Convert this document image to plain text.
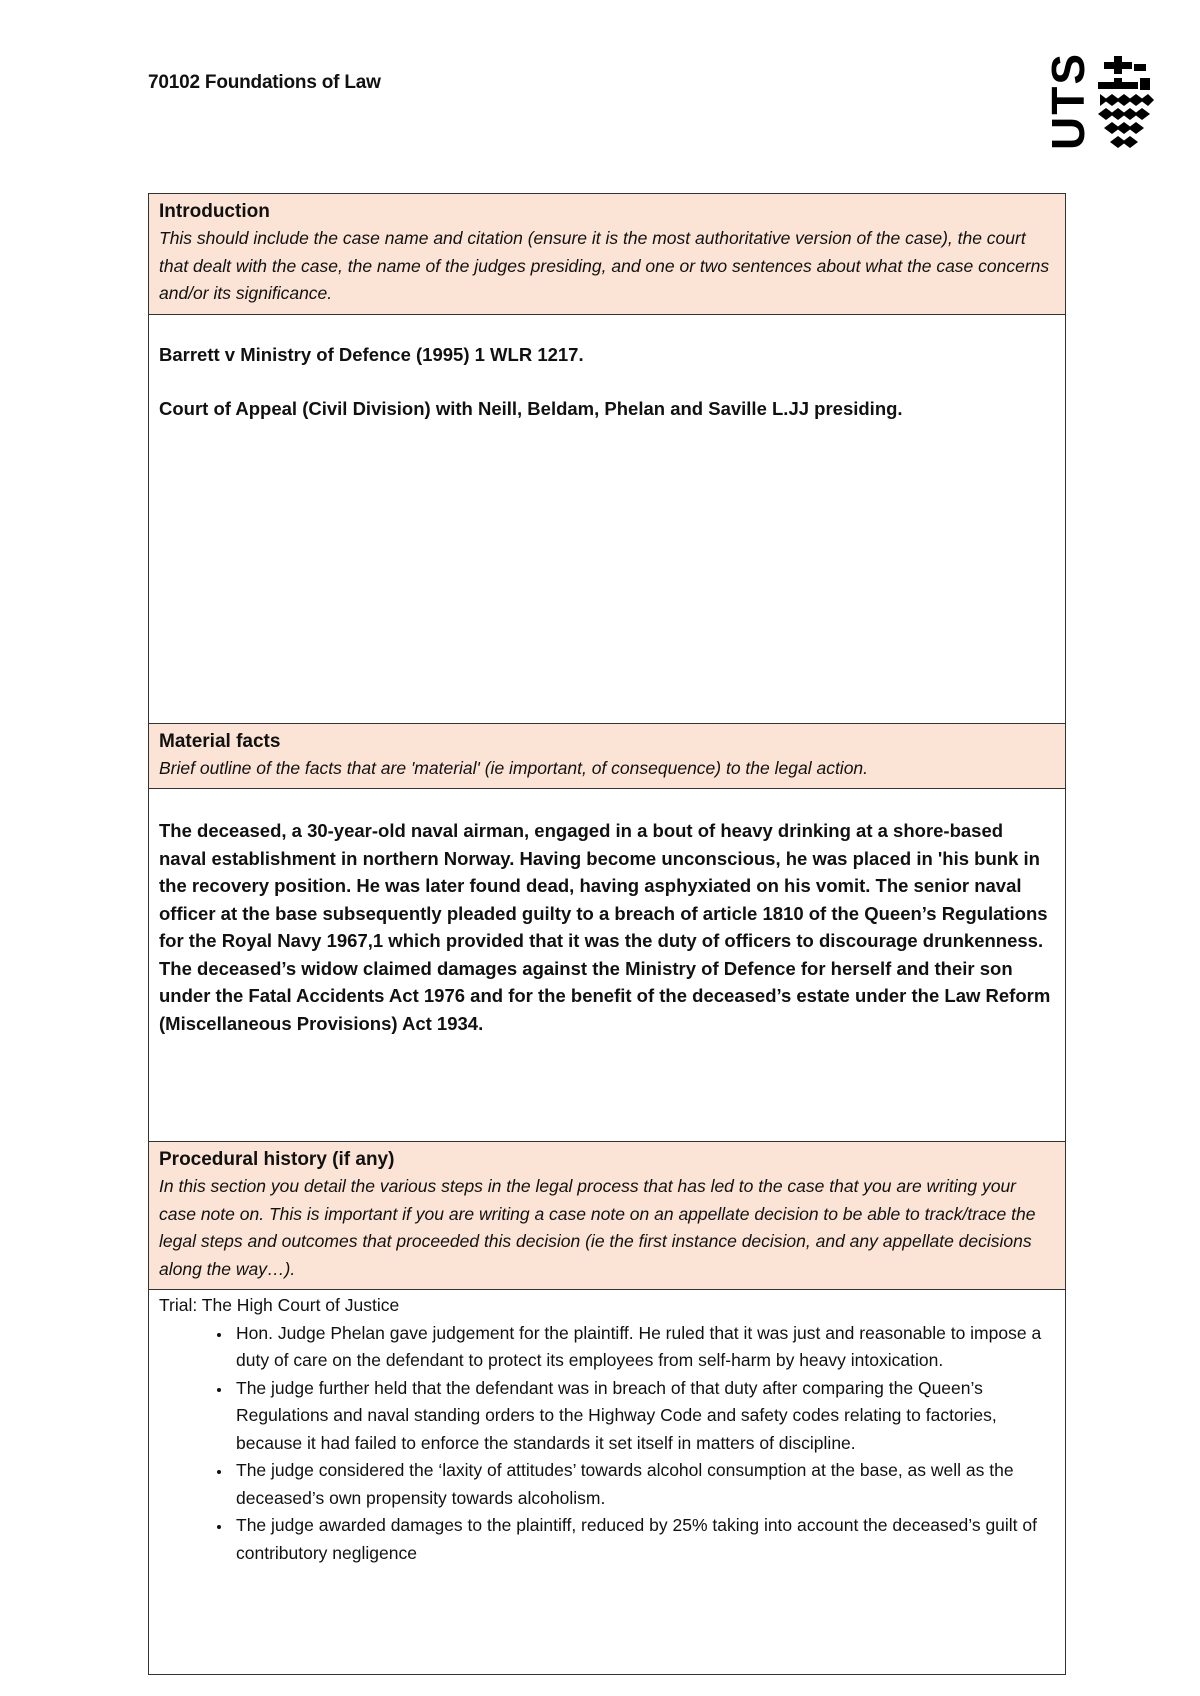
70102 Foundations of Law	UTS
Introduction
This should include the case name and citation (ensure it is the most authoritative version of the case), the court that dealt with the case, the name of the judges presiding, and one or two sentences about what the case concerns and/or its significance.

Barrett v Ministry of Defence (1995) 1 WLR 1217.

Court of Appeal (Civil Division) with Neill, Beldam, Phelan and Saville L.JJ presiding.

Material facts
Brief outline of the facts that are 'material' (ie important, of consequence) to the legal action.

The deceased, a 30-year-old naval airman, engaged in a bout of heavy drinking at a shore-based naval establishment in northern Norway. Having become unconscious, he was placed in 'his bunk in the recovery position. He was later found dead, having asphyxiated on his vomit. The senior naval officer at the base subsequently pleaded guilty to a breach of article 1810 of the Queen’s Regulations for the Royal Navy 1967,1 which provided that it was the duty of officers to discourage drunkenness. The deceased’s widow claimed damages against the Ministry of Defence for herself and their son under the Fatal Accidents Act 1976 and for the benefit of the deceased’s estate under the Law Reform (Miscellaneous Provisions) Act 1934.

Procedural history (if any)
In this section you detail the various steps in the legal process that has led to the case that you are writing your case note on. This is important if you are writing a case note on an appellate decision to be able to track/trace the legal steps and outcomes that proceeded this decision (ie the first instance decision, and any appellate decisions along the way…).

Trial: The High Court of Justice
• Hon. Judge Phelan gave judgement for the plaintiff. He ruled that it was just and reasonable to impose a duty of care on the defendant to protect its employees from self-harm by heavy intoxication.
• The judge further held that the defendant was in breach of that duty after comparing the Queen’s Regulations and naval standing orders to the Highway Code and safety codes relating to factories, because it had failed to enforce the standards it set itself in matters of discipline.
• The judge considered the ‘laxity of attitudes’ towards alcohol consumption at the base, as well as the deceased’s own propensity towards alcoholism.
• The judge awarded damages to the plaintiff, reduced by 25% taking into account the deceased’s guilt of contributory negligence
